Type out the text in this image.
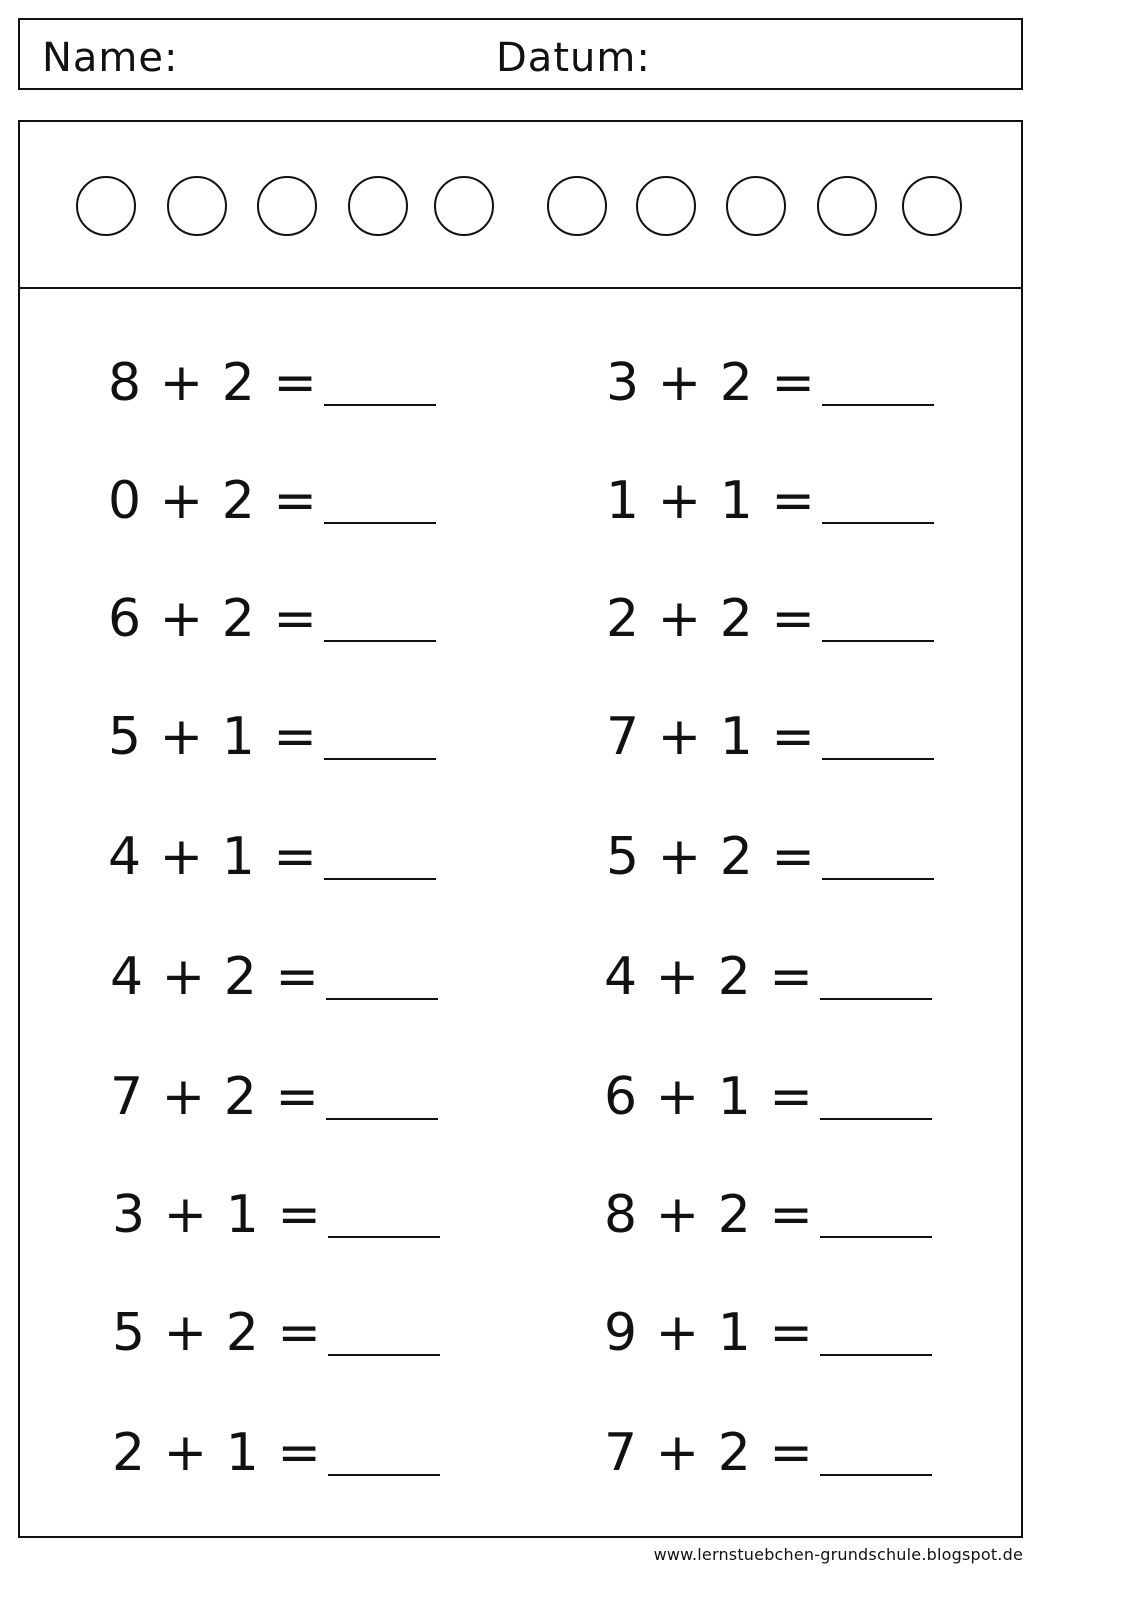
Name:	Datum:
8 + 2 =
0 + 2 =
6 + 2 =
5 + 1 =
4 + 1 =
4 + 2 =
7 + 2 =
3 + 1 =
5 + 2 =
2 + 1 =
3 + 2 =
1 + 1 =
2 + 2 =
7 + 1 =
5 + 2 =
4 + 2 =
6 + 1 =
8 + 2 =
9 + 1 =
7 + 2 =
www.lernstuebchen-grundschule.blogspot.de
